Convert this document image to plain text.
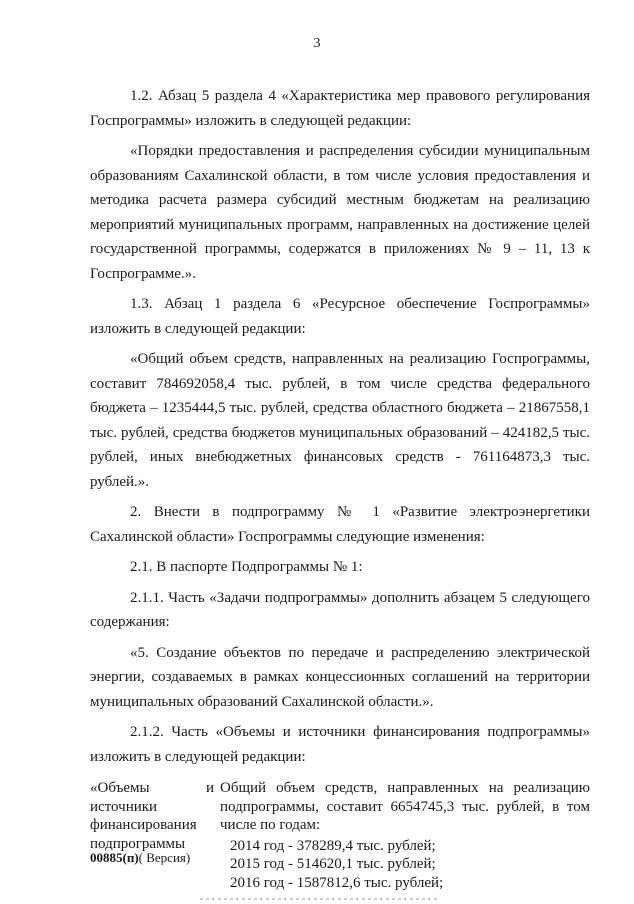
3

1.2. Абзац 5 раздела 4 «Характеристика мер правового регулирования Госпрограммы» изложить в следующей редакции:

«Порядки предоставления и распределения субсидии муниципальным образованиям Сахалинской области, в том числе условия предоставления и методика расчета размера субсидий местным бюджетам на реализацию мероприятий муниципальных программ, направленных на достижение целей государственной программы, содержатся в приложениях № 9 – 11, 13 к Госпрограмме.».

1.3. Абзац 1 раздела 6 «Ресурсное обеспечение Госпрограммы» изложить в следующей редакции:

«Общий объем средств, направленных на реализацию Госпрограммы, составит 784692058,4 тыс. рублей, в том числе средства федерального бюджета – 1235444,5 тыс. рублей, средства областного бюджета – 21867558,1 тыс. рублей, средства бюджетов муниципальных образований – 424182,5 тыс. рублей, иных внебюджетных финансовых средств - 761164873,3 тыс. рублей.».

2. Внести в подпрограмму № 1 «Развитие электроэнергетики Сахалинской области» Госпрограммы следующие изменения:

2.1. В паспорте Подпрограммы № 1:

2.1.1. Часть «Задачи подпрограммы» дополнить абзацем 5 следующего содержания:

«5. Создание объектов по передаче и распределению электрической энергии, создаваемых в рамках концессионных соглашений на территории муниципальных образований Сахалинской области.».

2.1.2. Часть «Объемы и источники финансирования подпрограммы» изложить в следующей редакции:

«Объемы	и
источники
финансирования
подпрограммы

Общий объем средств, направленных на реализацию подпрограммы, составит 6654745,3 тыс. рублей, в том числе по годам:

2014 год - 378289,4 тыс. рублей;
2015 год - 514620,1 тыс. рублей;
2016 год - 1587812,6 тыс. рублей;
00885(п)( Версия)
